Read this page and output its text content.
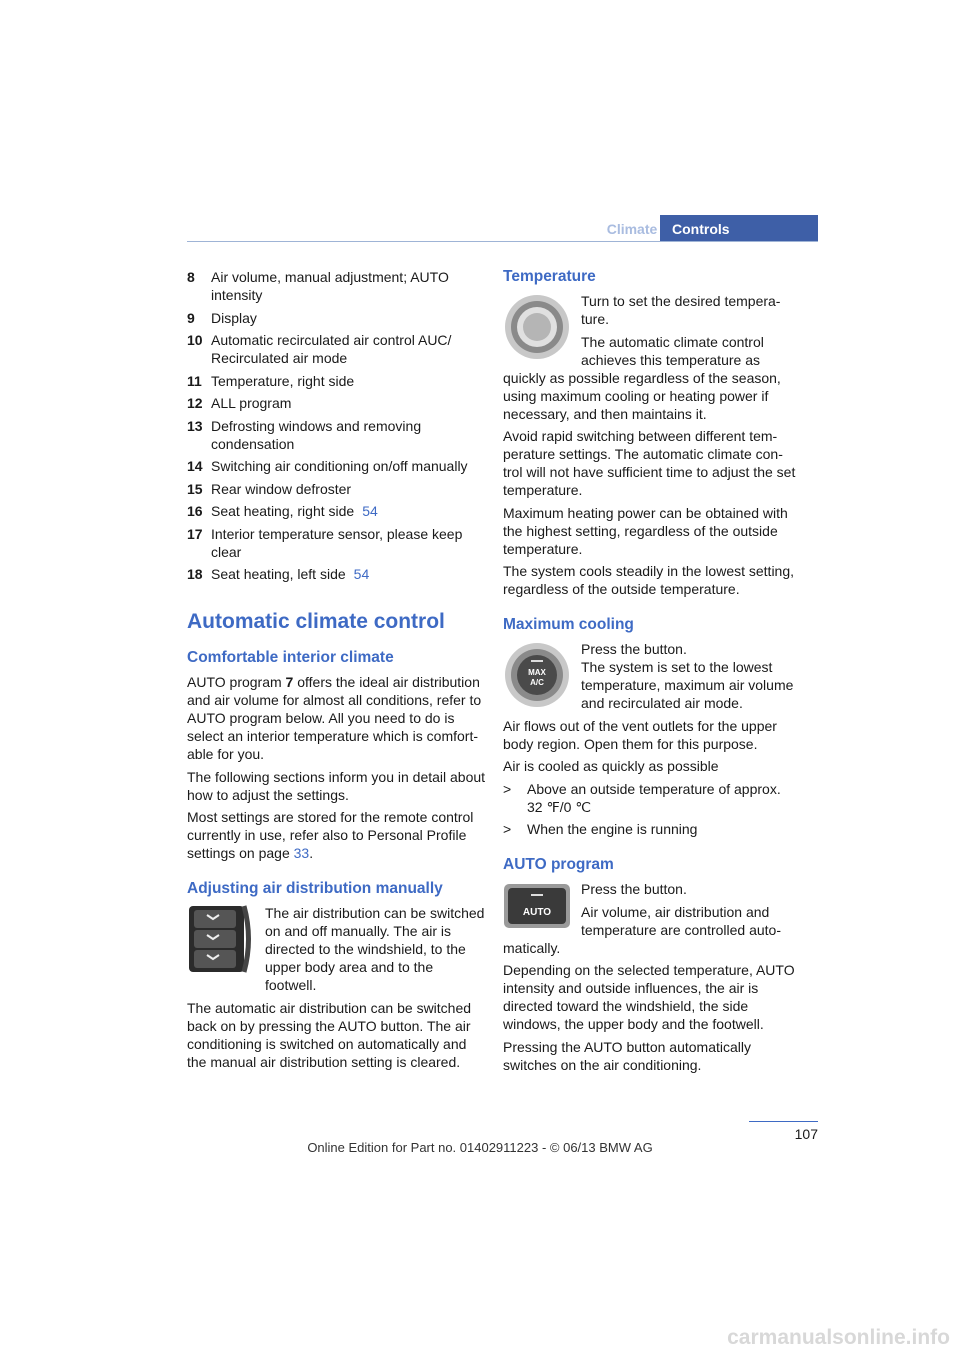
Climate	Controls
8	Air volume, manual adjustment; AUTO intensity
9	Display
10 Automatic recirculated air control AUC/ Recirculated air mode
11 Temperature, right side
12 ALL program
13 Defrosting windows and removing condensation
14 Switching air conditioning on/off manually
15 Rear window defroster
16 Seat heating, right side 54
17 Interior temperature sensor, please keep clear
18 Seat heating, left side 54
Automatic climate control
Comfortable interior climate

AUTO program 7 offers the ideal air distribution and air volume for almost all conditions, refer to AUTO program below. All you need to do is select an interior temperature which is comfort-able for you.

The following sections inform you in detail about how to adjust the settings.

Most settings are stored for the remote control currently in use, refer also to Personal Profile settings on page 33.

Adjusting air distribution manually

The air distribution can be switched on and off manually. The air is directed to the windshield, to the upper body area and to the footwell.

The automatic air distribution can be switched back on by pressing the AUTO button. The air conditioning is switched on automatically and the manual air distribution setting is cleared.

Temperature

Turn to set the desired tempera-ture.

The automatic climate control achieves this temperature as quickly as possible regardless of the season, using maximum cooling or heating power if necessary, and then maintains it.

Avoid rapid switching between different tem-perature settings. The automatic climate con-trol will not have sufficient time to adjust the set temperature.

Maximum heating power can be obtained with the highest setting, regardless of the outside temperature.

The system cools steadily in the lowest setting, regardless of the outside temperature.

Maximum cooling
MAX
A/C

Press the button.

The system is set to the lowest temperature, maximum air volume and recirculated air mode.

Air flows out of the vent outlets for the upper body region. Open them for this purpose.

Air is cooled as quickly as possible

>	Above an outside temperature of approx. 32 ℉/0 ℃
>	When the engine is running
AUTO program
AUTO

Press the button.

Air volume, air distribution and temperature are controlled auto-matically.

Depending on the selected temperature, AUTO intensity and outside influences, the air is directed toward the windshield, the side windows, the upper body and the footwell.

Pressing the AUTO button automatically switches on the air conditioning.

107
Online Edition for Part no. 01402911223 - © 06/13 BMW AG
carmanualsonline.info
